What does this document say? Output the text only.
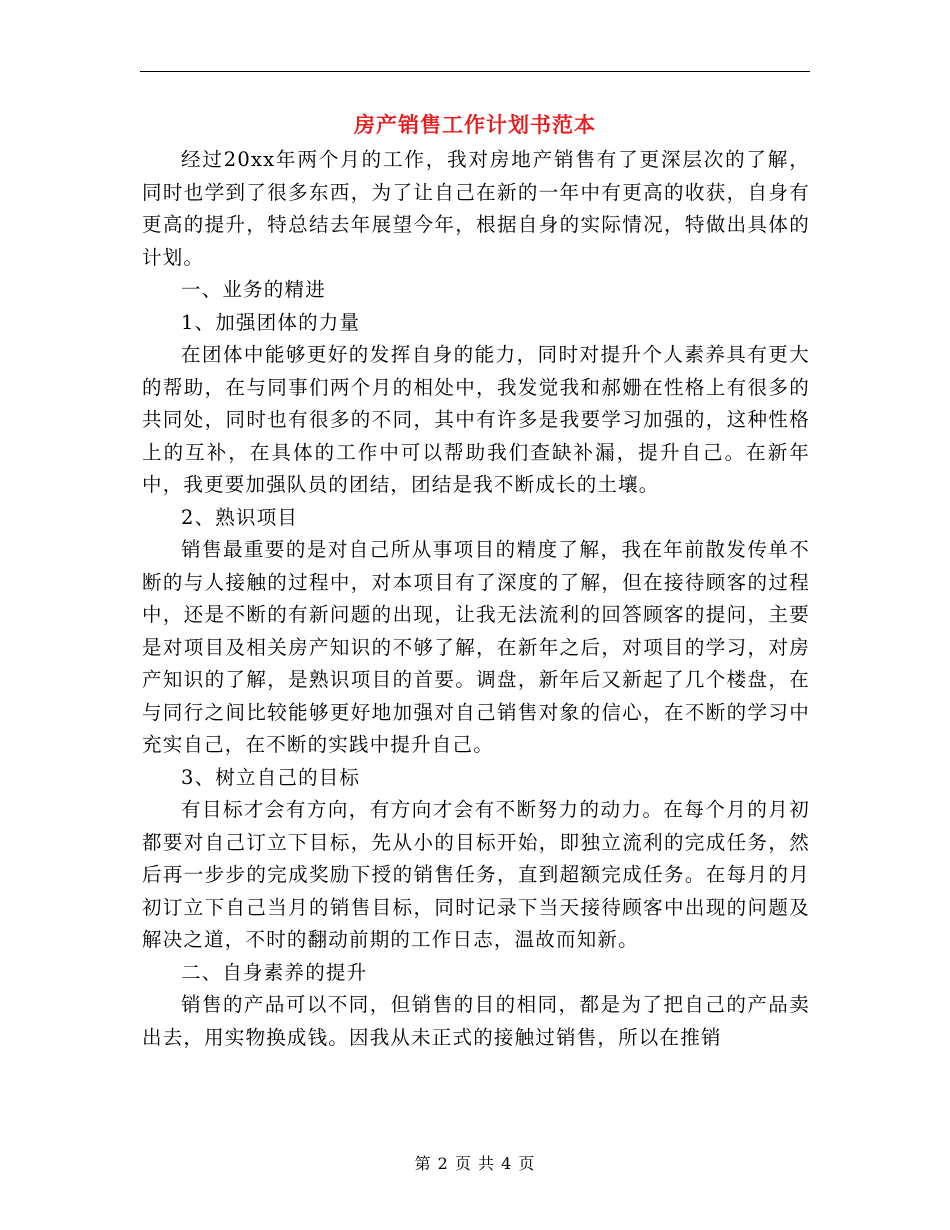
房产销售工作计划书范本

经过20xx年两个月的工作，我对房地产销售有了更深层次的了解，同时也学到了很多东西，为了让自己在新的一年中有更高的收获，自身有更高的提升，特总结去年展望今年，根据自身的实际情况，特做出具体的计划。

一、业务的精进

1、加强团体的力量

在团体中能够更好的发挥自身的能力，同时对提升个人素养具有更大的帮助，在与同事们两个月的相处中，我发觉我和郝姗在性格上有很多的共同处，同时也有很多的不同，其中有许多是我要学习加强的，这种性格上的互补，在具体的工作中可以帮助我们查缺补漏，提升自己。在新年中，我更要加强队员的团结，团结是我不断成长的土壤。

2、熟识项目

销售最重要的是对自己所从事项目的精度了解，我在年前散发传单不断的与人接触的过程中，对本项目有了深度的了解，但在接待顾客的过程中，还是不断的有新问题的出现，让我无法流利的回答顾客的提问，主要是对项目及相关房产知识的不够了解，在新年之后，对项目的学习，对房产知识的了解，是熟识项目的首要。调盘，新年后又新起了几个楼盘，在与同行之间比较能够更好地加强对自己销售对象的信心，在不断的学习中充实自己，在不断的实践中提升自己。

3、树立自己的目标

有目标才会有方向，有方向才会有不断努力的动力。在每个月的月初都要对自己订立下目标，先从小的目标开始，即独立流利的完成任务，然后再一步步的完成奖励下授的销售任务，直到超额完成任务。在每月的月初订立下自己当月的销售目标，同时记录下当天接待顾客中出现的问题及解决之道，不时的翻动前期的工作日志，温故而知新。

二、自身素养的提升

销售的产品可以不同，但销售的目的相同，都是为了把自己的产品卖出去，用实物换成钱。因我从未正式的接触过销售，所以在推销

第 2 页 共 4 页
